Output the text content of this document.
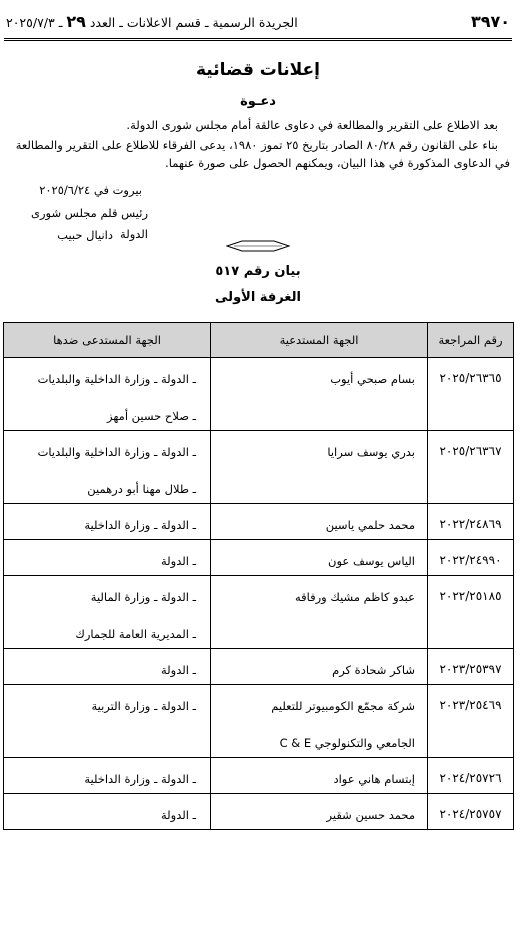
٣٩٧٠
الجريدة الرسمية ـ قسم الاعلانات ـ العدد ٢٩ ـ ٢٠٢٥/٧/٣
إعلانات قضائية
دعـوة
بعد الاطلاع على التقرير والمطالعة في دعاوى عالقة أمام مجلس شورى الدولة.
بناء على القانون رقم ٨٠/٢٨ الصادر بتاريخ ٢٥ تموز ١٩٨٠، يدعى الفرقاء للاطلاع على التقرير والمطالعة
في الدعاوى المذكورة في هذا البيان، ويمكنهم الحصول على صورة عنهما.
بيروت في ٢٠٢٥/٦/٢٤
رئيس قلم مجلس شورى الدولة
دانيال حبيب
بيان رقم ٥١٧
الغرفة الأولى
رقم المراجعة	الجهة المستدعية	الجهة المستدعى ضدها
٢٠٢٥/٢٦٣٦٥	بسام صبحي أيوب	ـ الدولة ـ وزارة الداخلية والبلديات
ـ صلاح حسين أمهز

٢٠٢٥/٢٦٣٦٧	بدري يوسف سرايا	ـ الدولة ـ وزارة الداخلية والبلديات
ـ طلال مهنا أبو درهمين

٢٠٢٢/٢٤٨٦٩	محمد حلمي ياسين	ـ الدولة ـ وزارة الداخلية

٢٠٢٢/٢٤٩٩٠	الياس يوسف عون	ـ الدولة

٢٠٢٢/٢٥١٨٥	عبدو كاظم مشيك ورفاقه	ـ الدولة ـ وزارة المالية
ـ المديرية العامة للجمارك

٢٠٢٣/٢٥٣٩٧	شاكر شحادة كرم	ـ الدولة

٢٠٢٣/٢٥٤٦٩	شركة مجمّع الكومبيوتر للتعليم
الجامعي والتكنولوجي C & E	ـ الدولة ـ وزارة التربية

٢٠٢٤/٢٥٧٢٦	إبتسام هاني عواد	ـ الدولة ـ وزارة الداخلية

٢٠٢٤/٢٥٧٥٧	محمد حسين شقير	ـ الدولة
